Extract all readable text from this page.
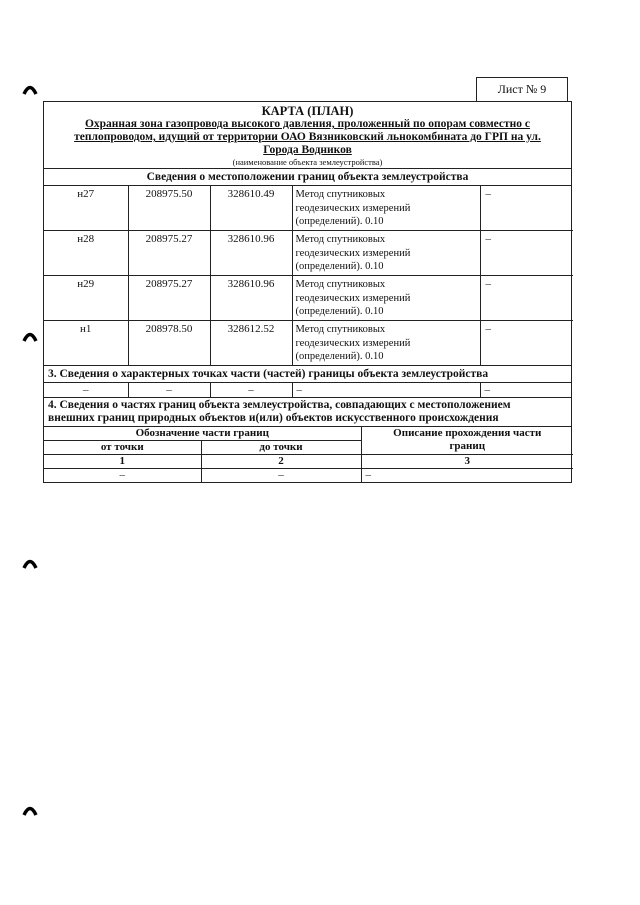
Лист № 9
КАРТА (ПЛАН)
Охранная зона газопровода высокого давления, проложенный по опорам совместно с теплопроводом, идущий от территории ОАО Вязниковский льнокомбината до ГРП на ул. Города Водников
(наименование объекта землеустройства)
Сведения о местоположении границ объекта землеустройства
н27	208975.50	328610.49	Метод спутниковых
геодезических измерений
(определений). 0.10	–
н28	208975.27	328610.96	Метод спутниковых
геодезических измерений
(определений). 0.10	–
н29	208975.27	328610.96	Метод спутниковых
геодезических измерений
(определений). 0.10	–
н1	208978.50	328612.52	Метод спутниковых
геодезических измерений
(определений). 0.10	–
3. Сведения о характерных точках части (частей) границы объекта землеустройства
–	–	–	–	–
4. Сведения о частях границ объекта землеустройства, совпадающих с местоположением
внешних границ природных объектов и(или) объектов искусственного происхождения
Обозначение части границ		Описание прохождения части
границ

от точки	до точки	
1	2	3
–	–	–
